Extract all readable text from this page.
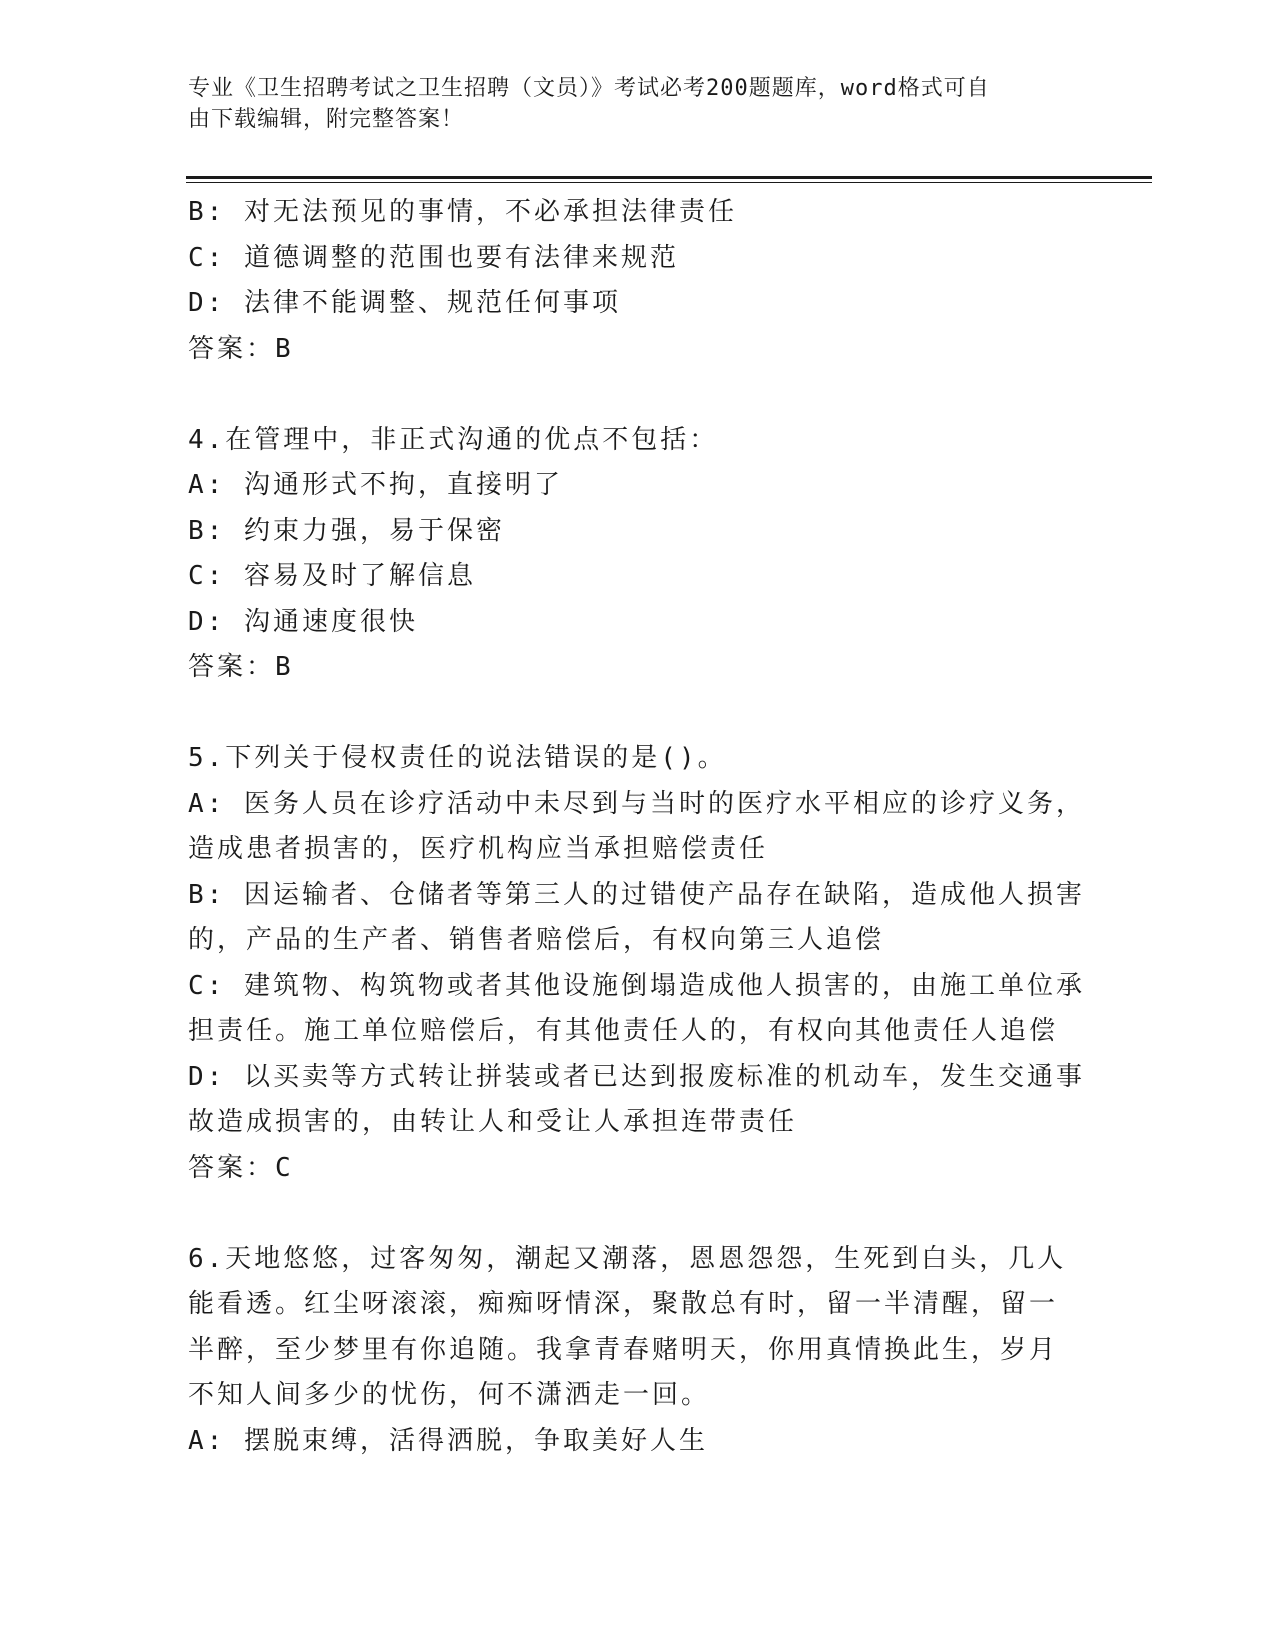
专业《卫生招聘考试之卫生招聘（文员）》考试必考200题题库，word格式可自
由下载编辑，附完整答案！
B: 对无法预见的事情，不必承担法律责任
C: 道德调整的范围也要有法律来规范
D: 法律不能调整、规范任何事项
答案：B
4.在管理中，非正式沟通的优点不包括：
A: 沟通形式不拘，直接明了
B: 约束力强，易于保密
C: 容易及时了解信息
D: 沟通速度很快
答案：B
5.下列关于侵权责任的说法错误的是()。
A: 医务人员在诊疗活动中未尽到与当时的医疗水平相应的诊疗义务，
造成患者损害的，医疗机构应当承担赔偿责任
B: 因运输者、仓储者等第三人的过错使产品存在缺陷，造成他人损害
的，产品的生产者、销售者赔偿后，有权向第三人追偿
C: 建筑物、构筑物或者其他设施倒塌造成他人损害的，由施工单位承
担责任。施工单位赔偿后，有其他责任人的，有权向其他责任人追偿
D: 以买卖等方式转让拼装或者已达到报废标准的机动车，发生交通事
故造成损害的，由转让人和受让人承担连带责任
答案：C
6.天地悠悠，过客匆匆，潮起又潮落，恩恩怨怨，生死到白头，几人
能看透。红尘呀滚滚，痴痴呀情深，聚散总有时，留一半清醒，留一
半醉，至少梦里有你追随。我拿青春赌明天，你用真情换此生，岁月
不知人间多少的忧伤，何不潇洒走一回。
A: 摆脱束缚，活得洒脱，争取美好人生
